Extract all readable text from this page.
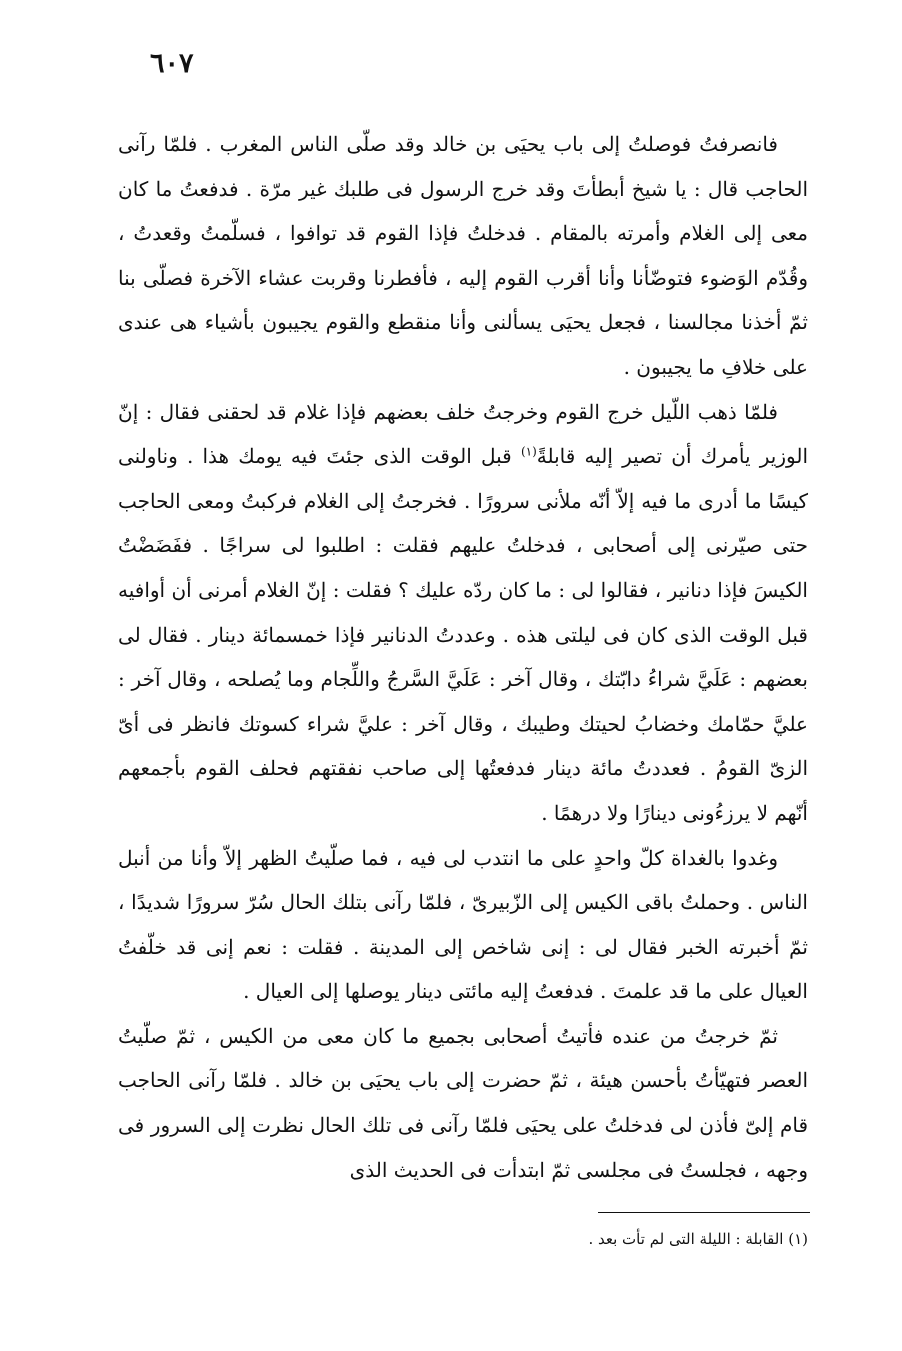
٦٠٧

فانصرفتُ فوصلتُ إلى باب يحيَى بن خالد وقد صلّى الناس المغرب . فلمّا رآنى الحاجب قال : يا شيخ أبطأتَ وقد خرج الرسول فى طلبك غير مرّة . فدفعتُ ما كان معى إلى الغلام وأمرته بالمقام . فدخلتُ فإذا القوم قد توافوا ، فسلّمتُ وقعدتُ ، وقُدّم الوَضوء فتوضّأنا وأنا أقرب القوم إليه ، فأفطرنا وقربت عشاء الآخرة فصلّى بنا ثمّ أخذنا مجالسنا ، فجعل يحيَى يسألنى وأنا منقطع والقوم يجيبون بأشياء هى عندى على خلافِ ما يجيبون .

فلمّا ذهب اللّيل خرج القوم وخرجتُ خلف بعضهم فإذا غلام قد لحقنى فقال : إنّ الوزير يأمرك أن تصير إليه قابلةً$^{(١)}$ قبل الوقت الذى جئتَ فيه يومك هذا . وناولنى كيسًا ما أدرى ما فيه إلاّ أنّه ملأنى سرورًا . فخرجتُ إلى الغلام فركبتُ ومعى الحاجب حتى صيّرنى إلى أصحابى ، فدخلتُ عليهم فقلت : اطلبوا لى سراجًا . ففَضَضْتُ الكيسَ فإذا دنانير ، فقالوا لى : ما كان ردّه عليك ؟ فقلت : إنّ الغلام أمرنى أن أوافيه قبل الوقت الذى كان فى ليلتى هذه . وعددتُ الدنانير فإذا خمسمائة دينار . فقال لى بعضهم : عَلَيَّ شراءُ دابّتك ، وقال آخر : عَلَيَّ السَّرجُ واللِّجام وما يُصلحه ، وقال آخر : عليَّ حمّامك وخضابُ لحيتك وطيبك ، وقال آخر : عليَّ شراء كسوتك فانظر فى أىّ الزىّ القومُ . فعددتُ مائة دينار فدفعتُها إلى صاحب نفقتهم فحلف القوم بأجمعهم أنّهم لا يرزءُونى دينارًا ولا درهمًا .

وغدوا بالغداة كلّ واحدٍ على ما انتدب لى فيه ، فما صلّيتُ الظهر إلاّ وأنا من أنبل الناس . وحملتُ باقى الكيس إلى الزّبيرىّ ، فلمّا رآنى بتلك الحال سُرّ سرورًا شديدًا ، ثمّ أخبرته الخبر فقال لى : إنى شاخص إلى المدينة . فقلت : نعم إنى قد خلّفتُ العيال على ما قد علمتَ . فدفعتُ إليه مائتى دينار يوصلها إلى العيال .

ثمّ خرجتُ من عنده فأتيتُ أصحابى بجميع ما كان معى من الكيس ، ثمّ صلّيتُ العصر فتهيّأتُ بأحسن هيئة ، ثمّ حضرت إلى باب يحيَى بن خالد . فلمّا رآنى الحاجب قام إلىّ فأذن لى فدخلتُ على يحيَى فلمّا رآنى فى تلك الحال نظرت إلى السرور فى وجهه ، فجلستُ فى مجلسى ثمّ ابتدأت فى الحديث الذى

(١) القابلة : الليلة التى لم تأت بعد .
